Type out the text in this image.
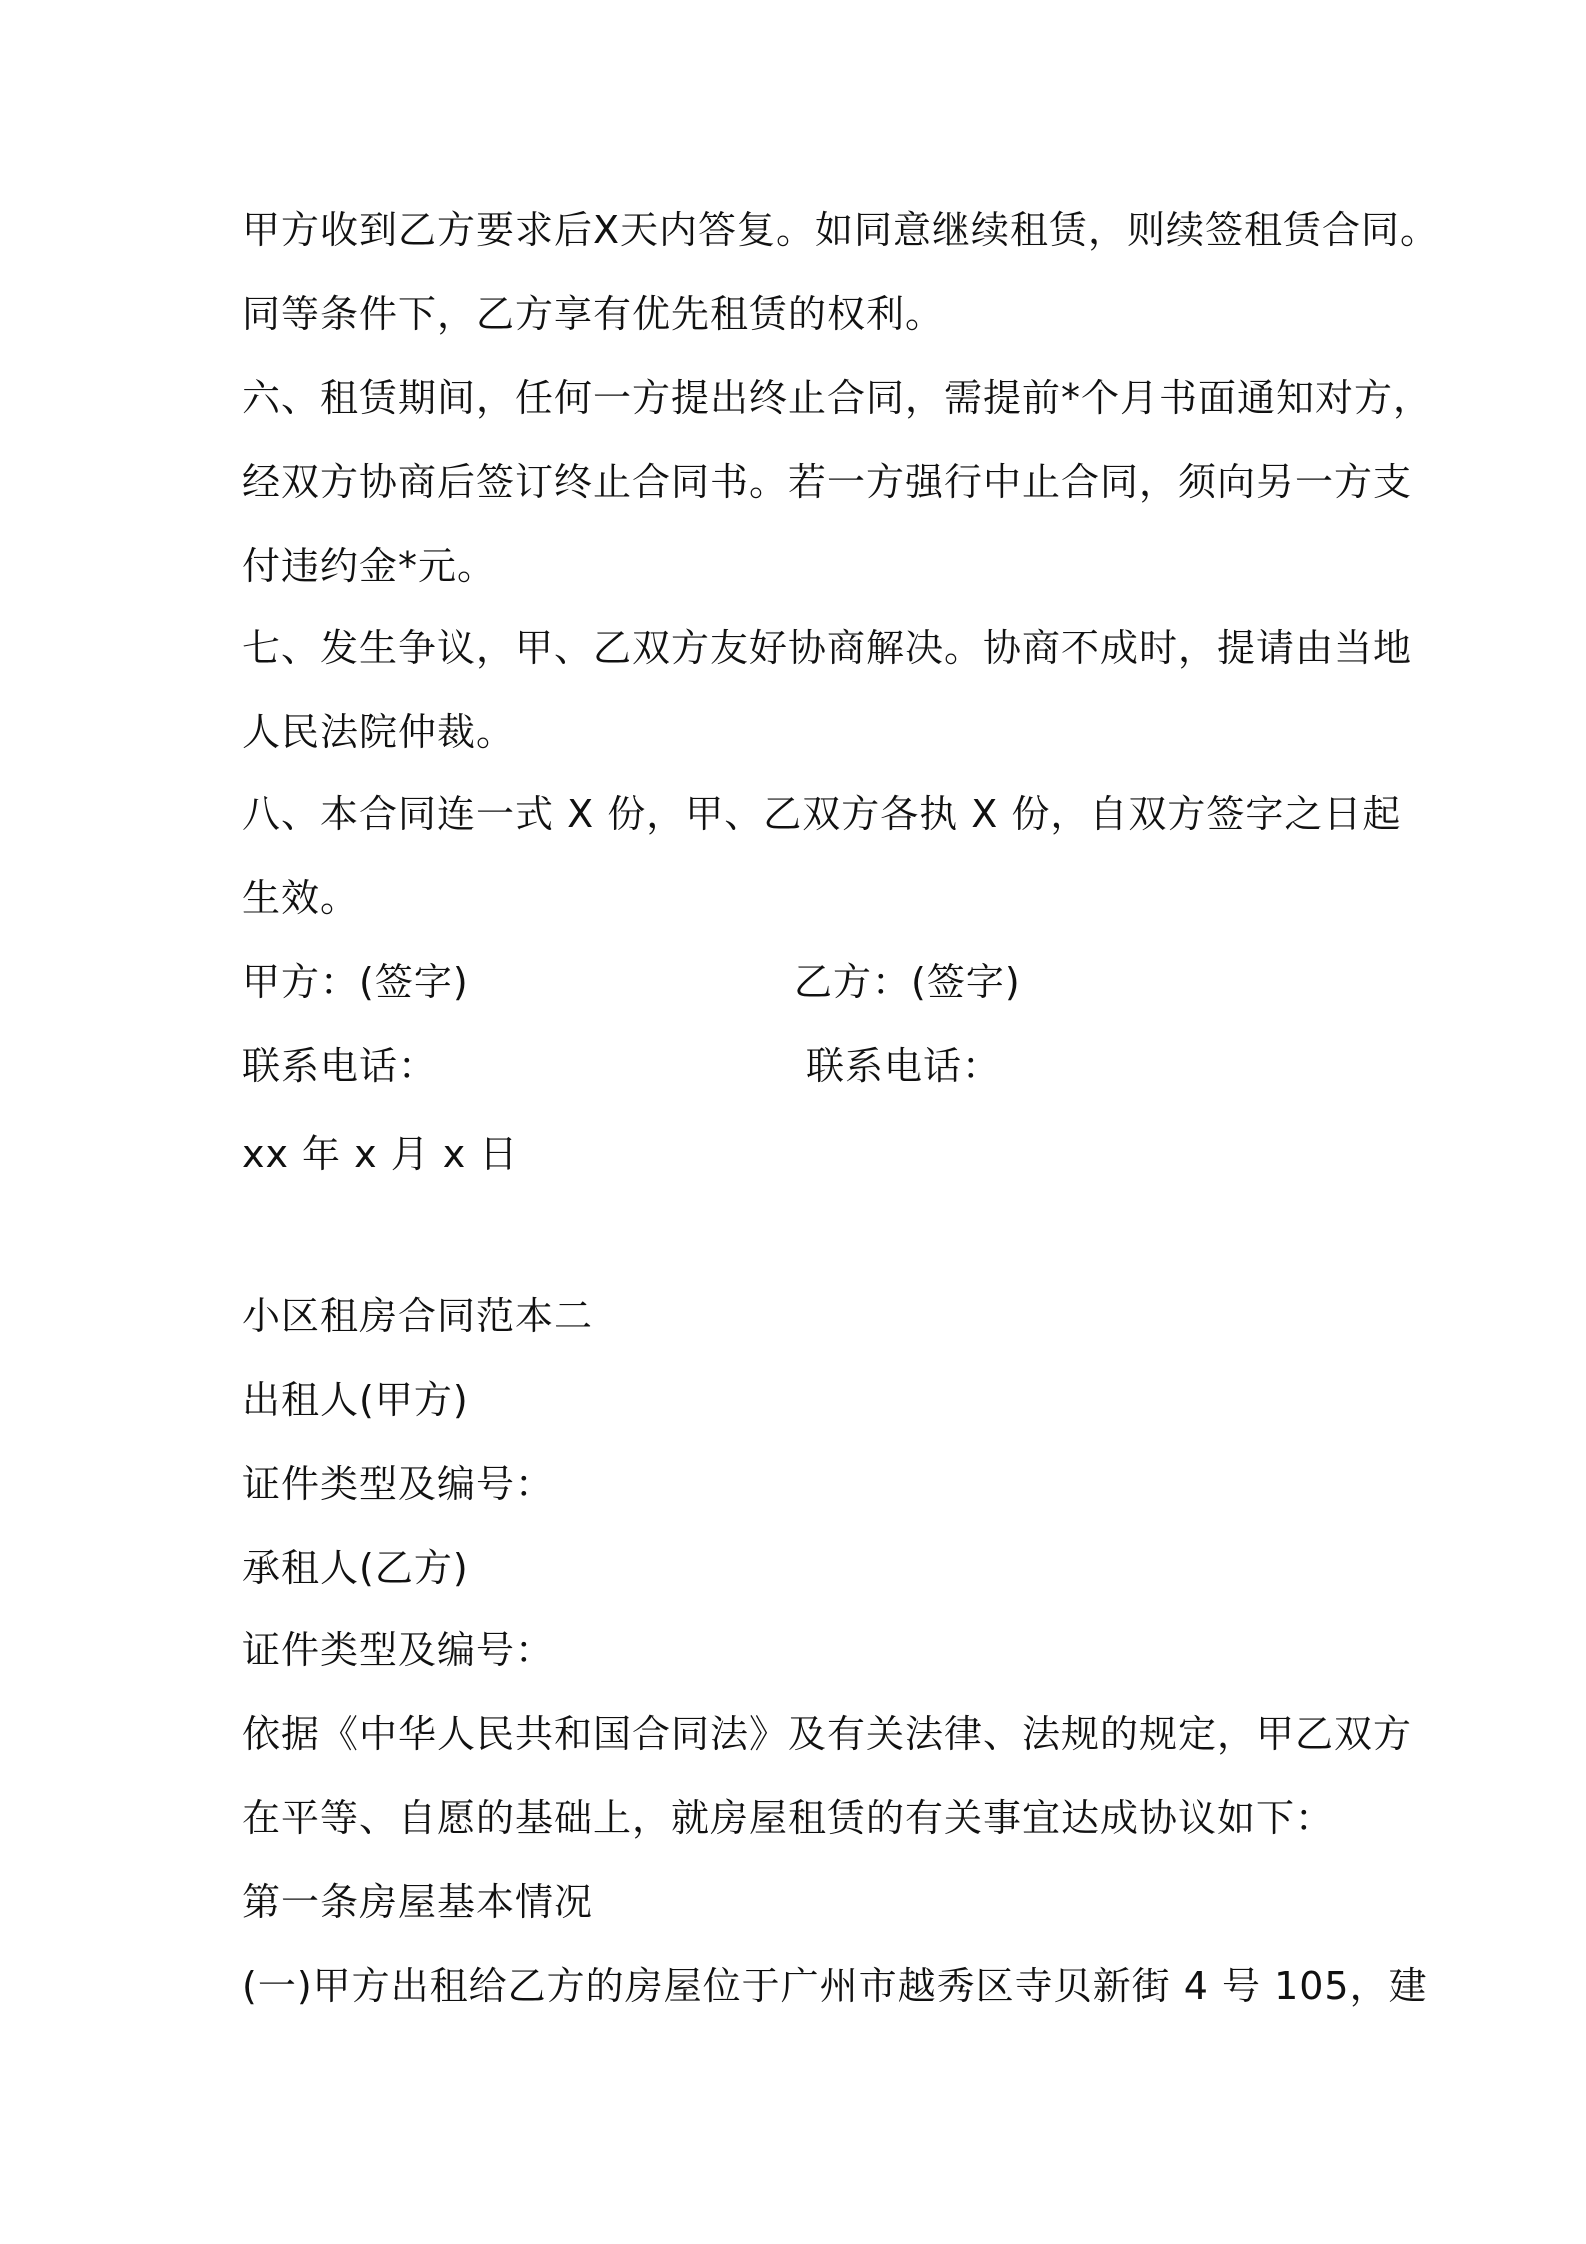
甲方收到乙方要求后X天内答复。如同意继续租赁，则续签租赁合同。
同等条件下，乙方享有优先租赁的权利。
六、租赁期间，任何一方提出终止合同，需提前*个月书面通知对方，
经双方协商后签订终止合同书。若一方强行中止合同，须向另一方支
付违约金*元。
七、发生争议，甲、乙双方友好协商解决。协商不成时，提请由当地
人民法院仲裁。
八、本合同连一式 X 份，甲、乙双方各执 X 份，自双方签字之日起
生效。
甲方：(签字)	乙方：(签字)
联系电话：	联系电话：
xx 年 x 月 x 日
小区租房合同范本二
出租人(甲方)
证件类型及编号：
承租人(乙方)
证件类型及编号：
依据《中华人民共和国合同法》及有关法律、法规的规定，甲乙双方
在平等、自愿的基础上，就房屋租赁的有关事宜达成协议如下：
第一条房屋基本情况
(一)甲方出租给乙方的房屋位于广州市越秀区寺贝新街 4 号 105，建
